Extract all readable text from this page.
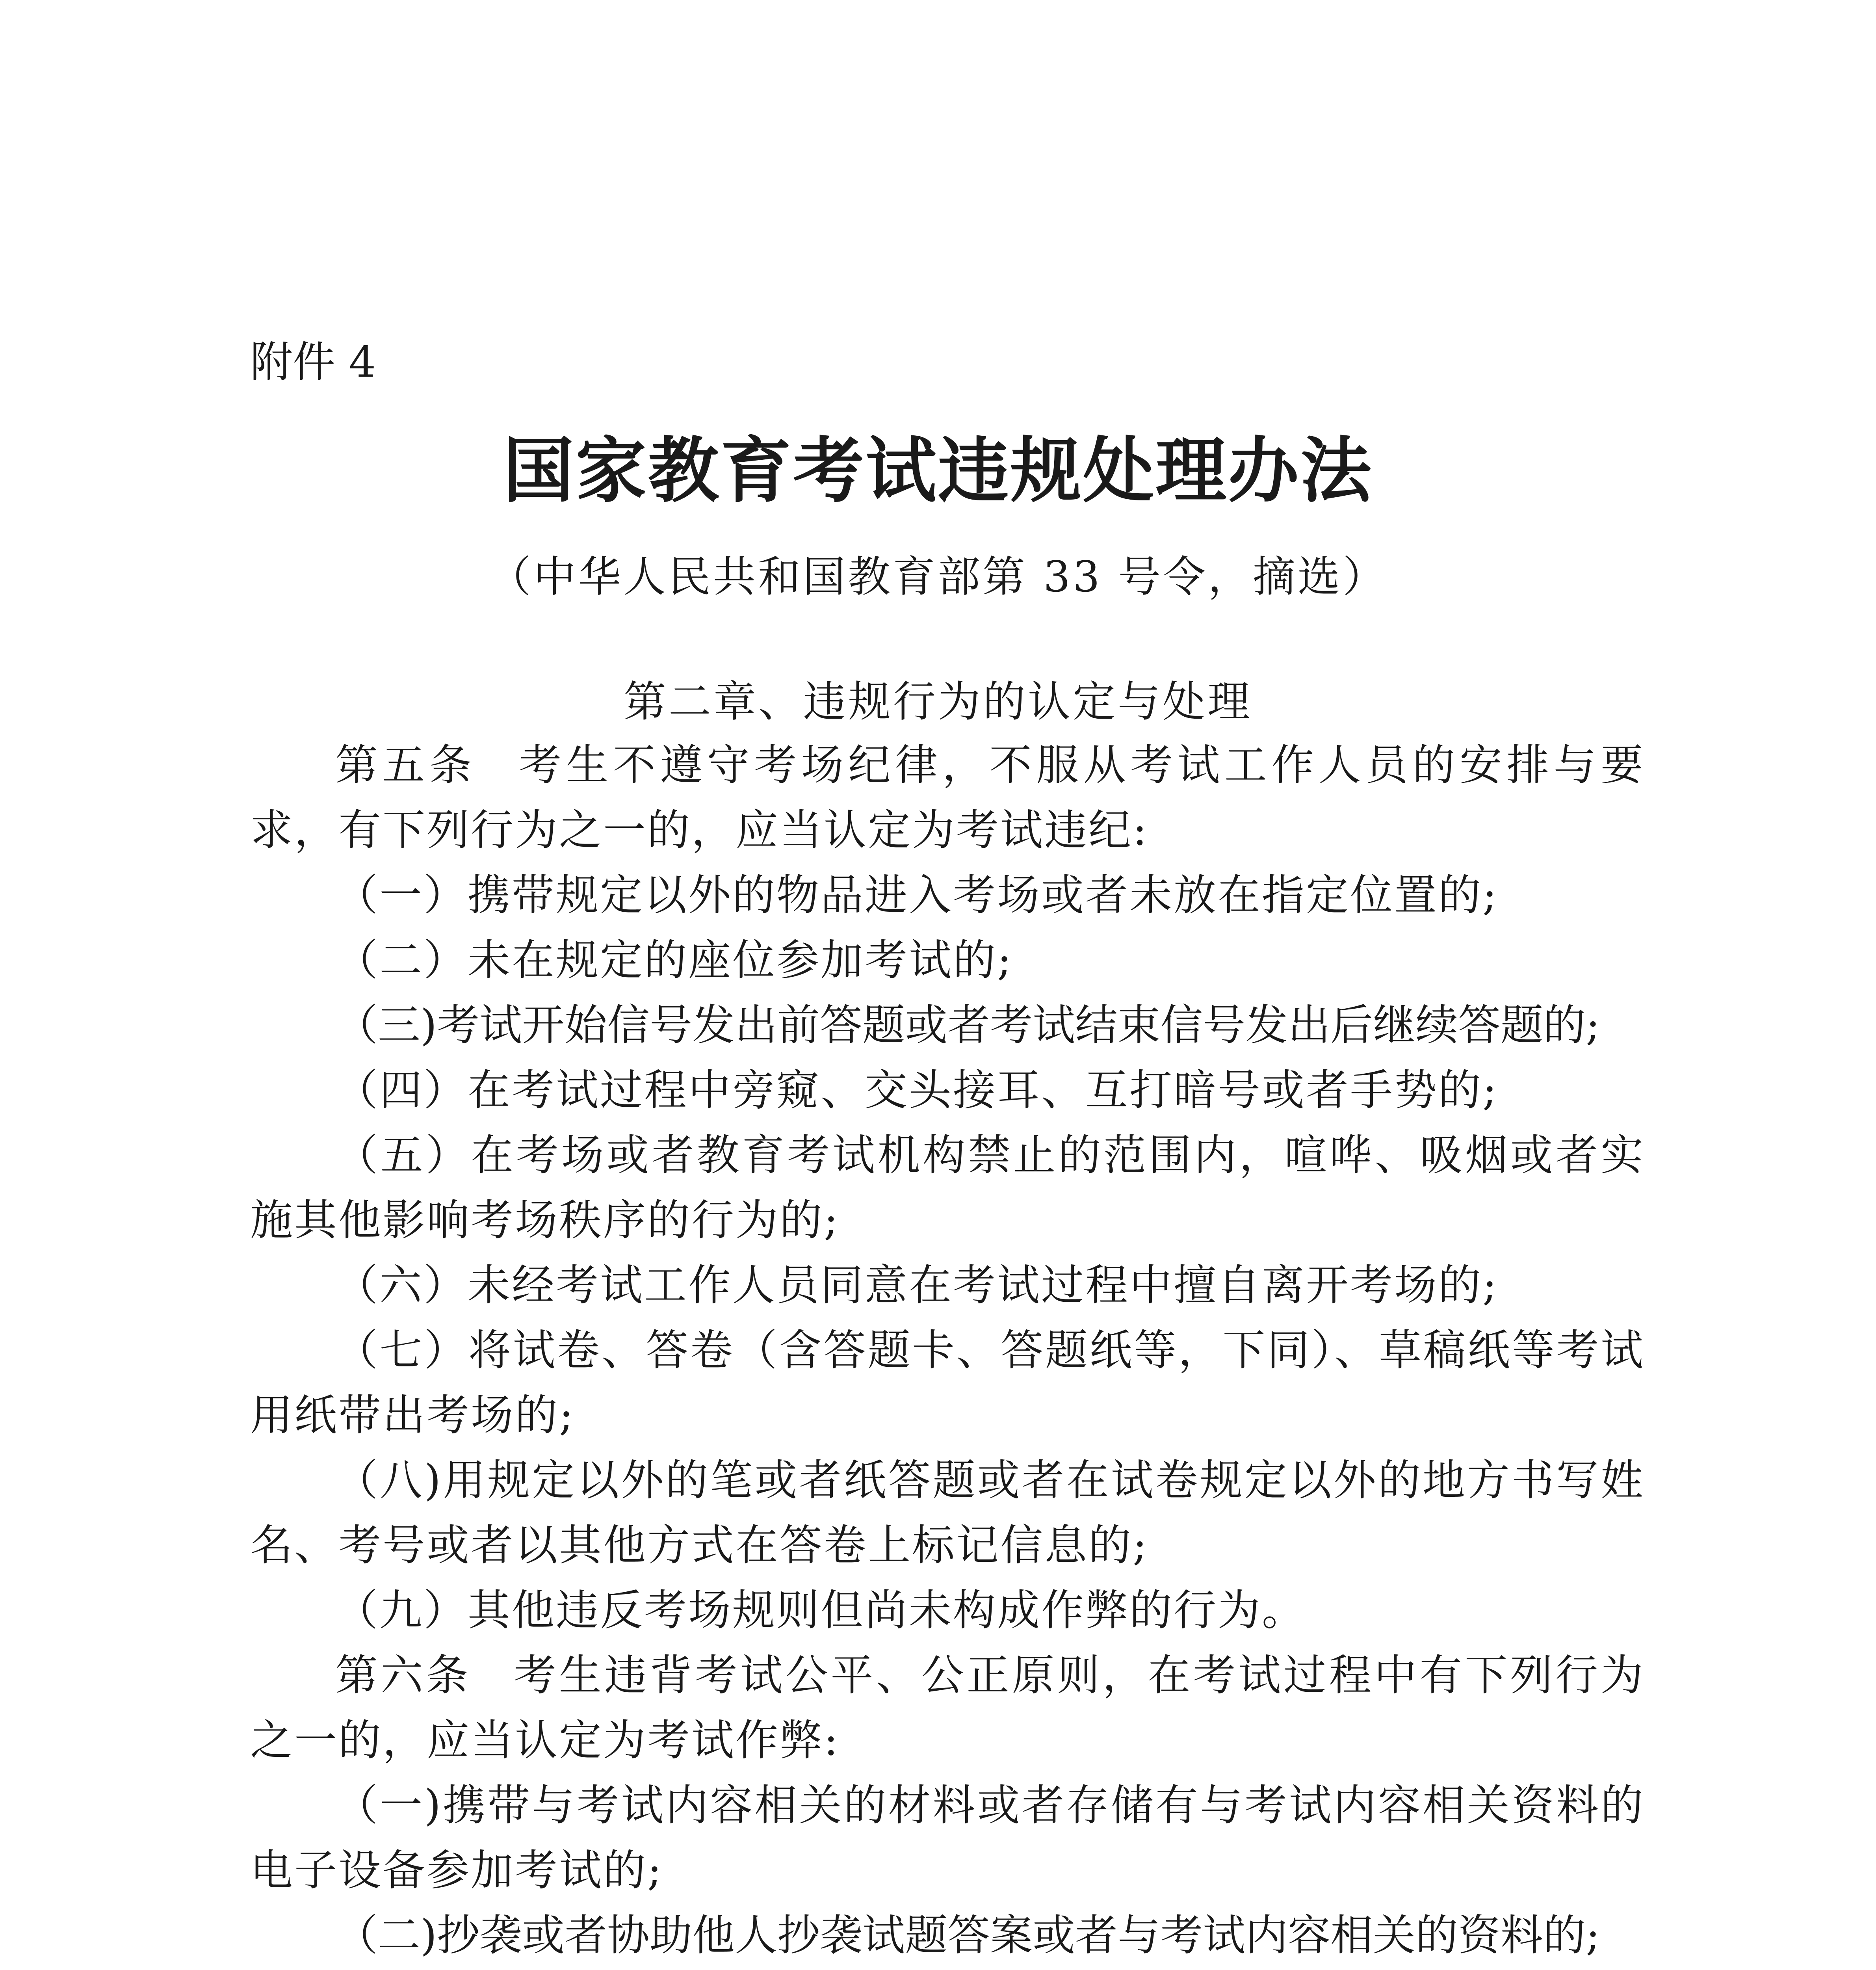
附件 4
国家教育考试违规处理办法
（中华人民共和国教育部第 33 号令，摘选）
第二章、违规行为的认定与处理

第五条 考生不遵守考场纪律，不服从考试工作人员的安排与要求，有下列行为之一的，应当认定为考试违纪:

（一）携带规定以外的物品进入考场或者未放在指定位置的;

（二）未在规定的座位参加考试的;

（三)考试开始信号发出前答题或者考试结束信号发出后继续答题的;

（四）在考试过程中旁窥、交头接耳、互打暗号或者手势的;

（五）在考场或者教育考试机构禁止的范围内，喧哗、吸烟或者实施其他影响考场秩序的行为的;

（六）未经考试工作人员同意在考试过程中擅自离开考场的;

（七）将试卷、答卷（含答题卡、答题纸等，下同）、草稿纸等考试用纸带出考场的;

（八)用规定以外的笔或者纸答题或者在试卷规定以外的地方书写姓名、考号或者以其他方式在答卷上标记信息的;

（九）其他违反考场规则但尚未构成作弊的行为。

第六条 考生违背考试公平、公正原则，在考试过程中有下列行为之一的，应当认定为考试作弊:

（一)携带与考试内容相关的材料或者存储有与考试内容相关资料的电子设备参加考试的;

（二)抄袭或者协助他人抄袭试题答案或者与考试内容相关的资料的;
